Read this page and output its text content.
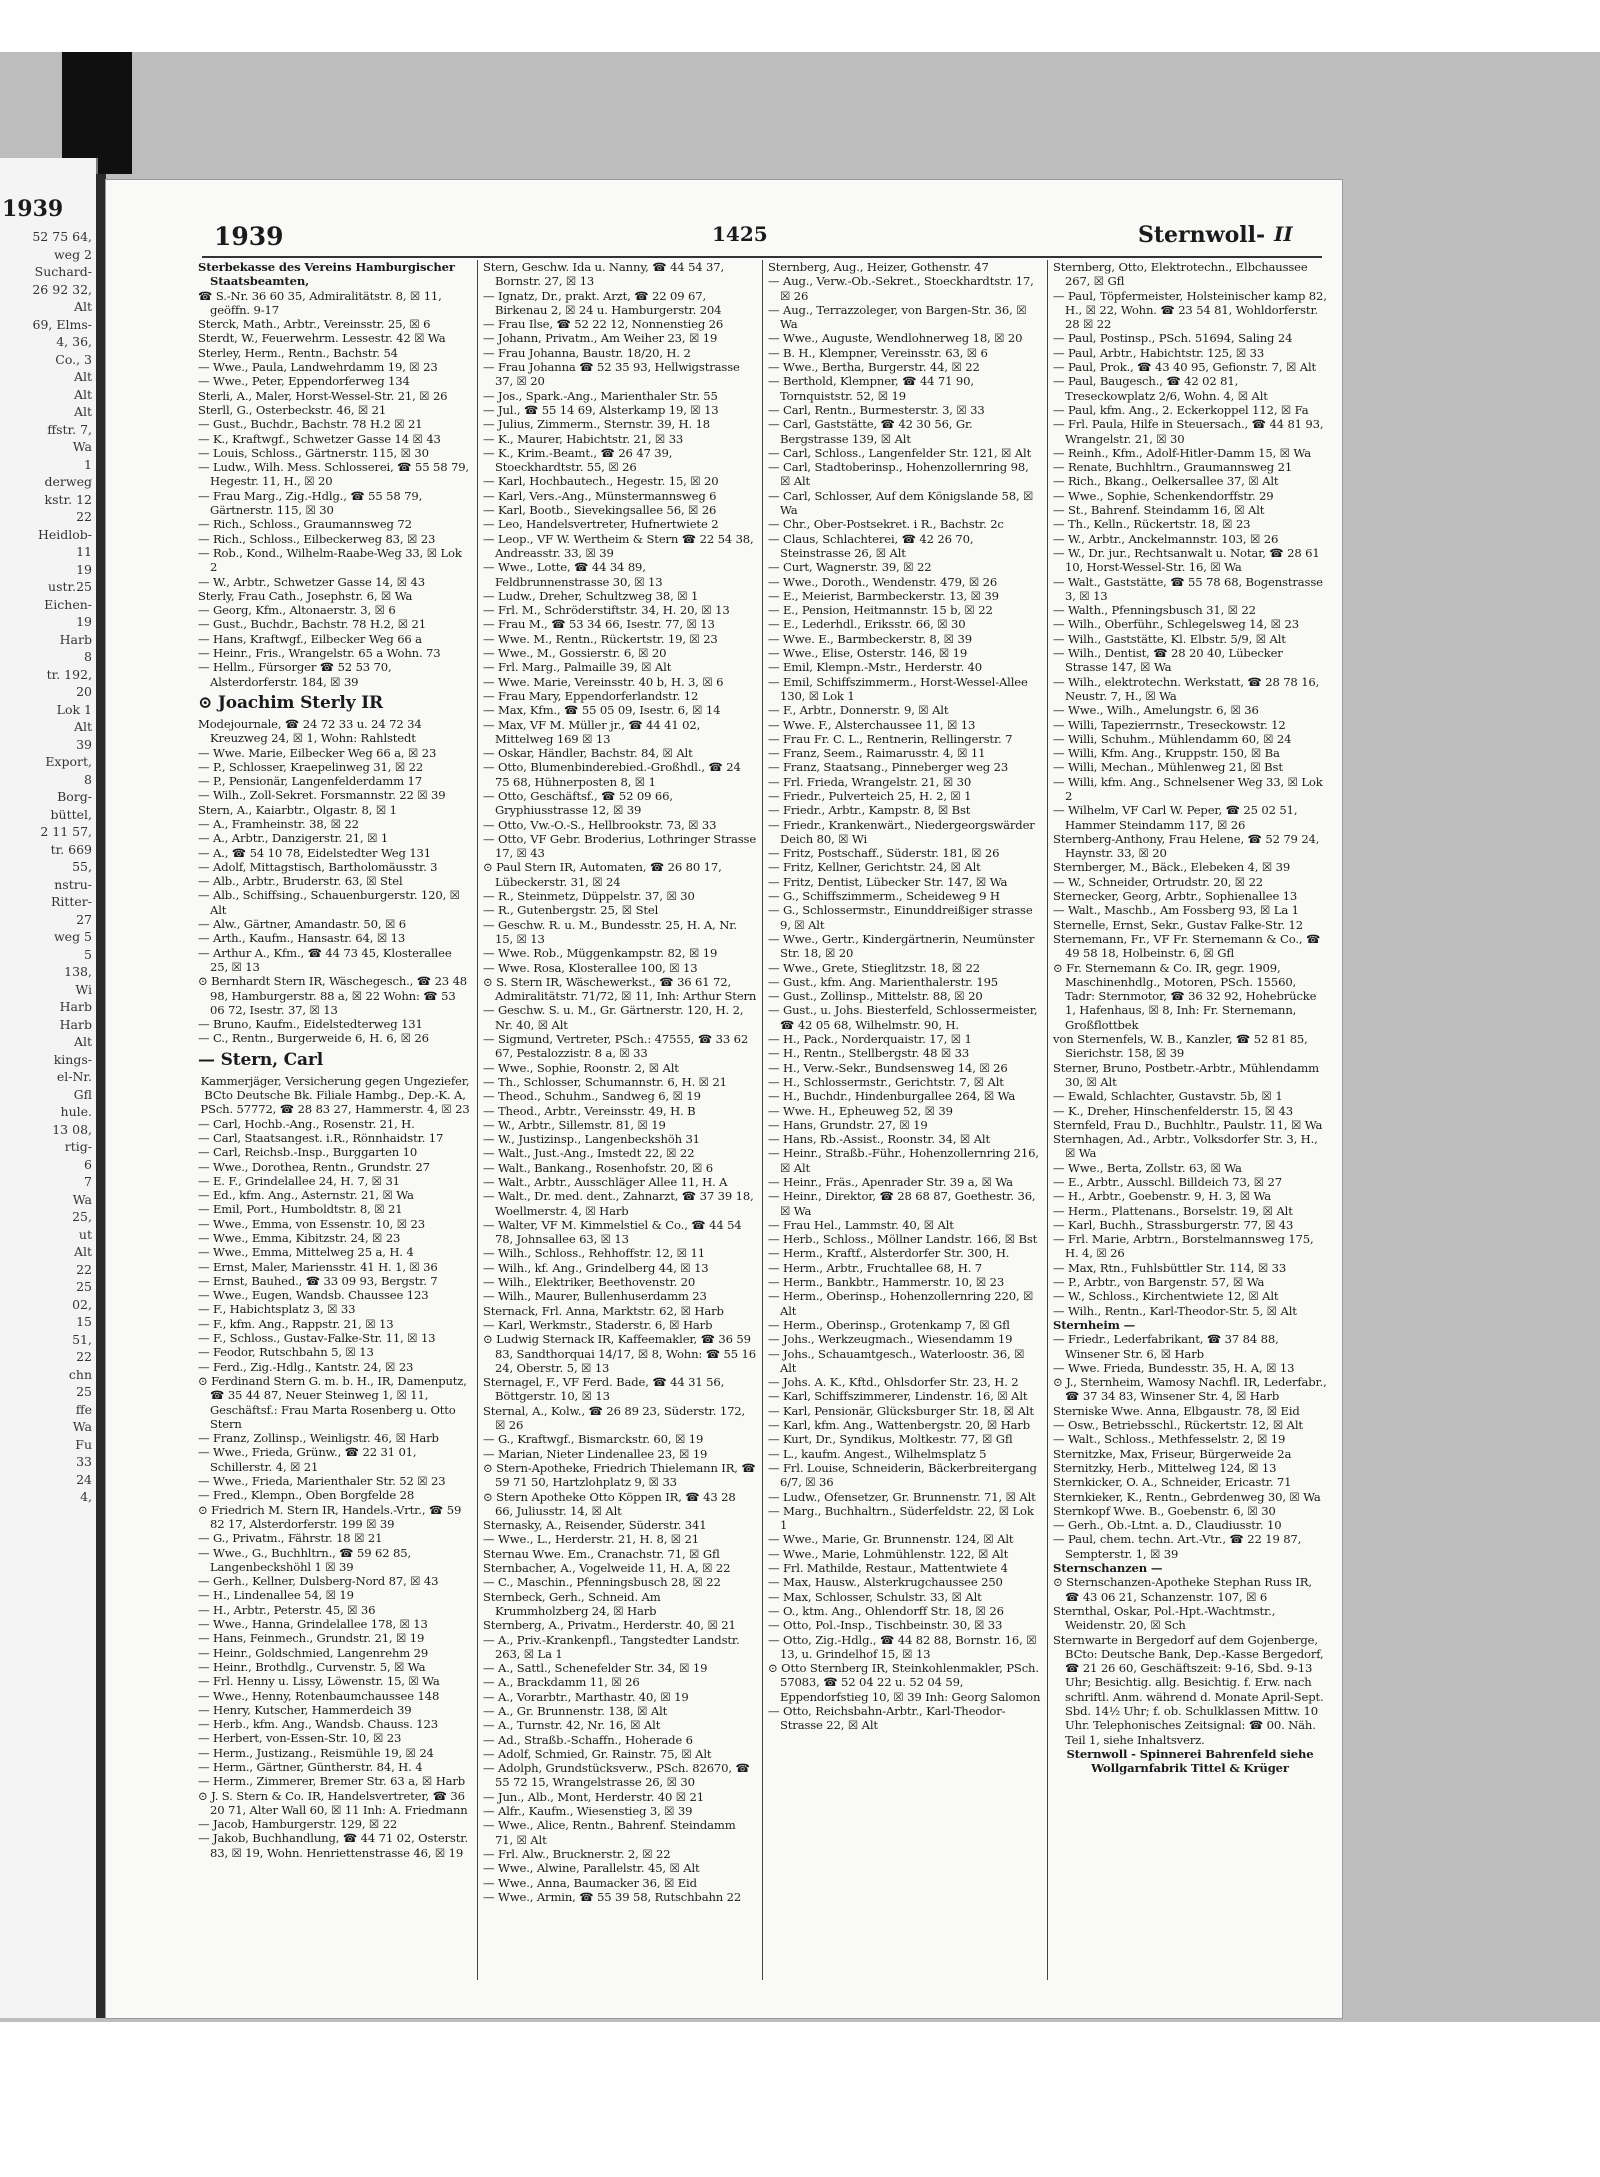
1939
52 75 64,
weg 2
Suchard-
26 92 32,
Alt
69, Elms-
4, 36,
Co., 3
Alt
Alt
Alt
ffstr. 7,
Wa
1
derweg
kstr. 12
22
Heidlob-
11
19
ustr.25
Eichen-
19
Harb
8
tr. 192,
20
Lok 1
Alt
39
Export,
8
Borg-
büttel,
2 11 57,
tr. 669
55,
nstru-
Ritter-
27
weg 5
5
138,
Wi
Harb
Harb
Alt
kings-
el-Nr.
Gfl
hule.
13 08,
rtig-
6
7
Wa
25,
ut
Alt
22
25
02,
15
51,
22
chn
25
ffe
Wa
Fu
33
24
4,
1939	1425	Sternwoll- II
Sterbekasse des Vereins Hamburgischer Staatsbeamten,
☎ S.-Nr. 36 60 35, Admiralitätstr. 8, ☒ 11, geöffn. 9-17
Sterck, Math., Arbtr., Vereinsstr. 25, ☒ 6
Sterdt, W., Feuerwehrm. Lessestr. 42 ☒ Wa
Sterley, Herm., Rentn., Bachstr. 54
— Wwe., Paula, Landwehrdamm 19, ☒ 23
— Wwe., Peter, Eppendorferweg 134
Sterli, A., Maler, Horst-Wessel-Str. 21, ☒ 26
Sterll, G., Osterbeckstr. 46, ☒ 21
— Gust., Buchdr., Bachstr. 78 H.2 ☒ 21
— K., Kraftwgf., Schwetzer Gasse 14 ☒ 43
— Louis, Schloss., Gärtnerstr. 115, ☒ 30
— Ludw., Wilh. Mess. Schlosserei, ☎ 55 58 79, Hegestr. 11, H., ☒ 20
— Frau Marg., Zig.-Hdlg., ☎ 55 58 79, Gärtnerstr. 115, ☒ 30
— Rich., Schloss., Graumannsweg 72
— Rich., Schloss., Eilbeckerweg 83, ☒ 23
— Rob., Kond., Wilhelm-Raabe-Weg 33, ☒ Lok 2
— W., Arbtr., Schwetzer Gasse 14, ☒ 43
Sterly, Frau Cath., Josephstr. 6, ☒ Wa
— Georg, Kfm., Altonaerstr. 3, ☒ 6
— Gust., Buchdr., Bachstr. 78 H.2, ☒ 21
— Hans, Kraftwgf., Eilbecker Weg 66 a
— Heinr., Fris., Wrangelstr. 65 a Wohn. 73
— Hellm., Fürsorger ☎ 52 53 70, Alsterdorferstr. 184, ☒ 39
⊙ Joachim Sterly ⅠR
Modejournale, ☎ 24 72 33 u. 24 72 34 Kreuzweg 24, ☒ 1, Wohn: Rahlstedt
— Wwe. Marie, Eilbecker Weg 66 a, ☒ 23
— P., Schlosser, Kraepelinweg 31, ☒ 22
— P., Pensionär, Langenfelderdamm 17
— Wilh., Zoll-Sekret. Forsmannstr. 22 ☒ 39
Stern, A., Kaiarbtr., Olgastr. 8, ☒ 1
— A., Framheinstr. 38, ☒ 22
— A., Arbtr., Danzigerstr. 21, ☒ 1
— A., ☎ 54 10 78, Eidelstedter Weg 131
— Adolf, Mittagstisch, Bartholomäusstr. 3
— Alb., Arbtr., Bruderstr. 63, ☒ Stel
— Alb., Schiffsing., Schauenburgerstr. 120, ☒ Alt
— Alw., Gärtner, Amandastr. 50, ☒ 6
— Arth., Kaufm., Hansastr. 64, ☒ 13
— Arthur A., Kfm., ☎ 44 73 45, Klosterallee 25, ☒ 13
⊙ Bernhardt Stern ⅠR, Wäschegesch., ☎ 23 48 98, Hamburgerstr. 88 a, ☒ 22 Wohn: ☎ 53 06 72, Isestr. 37, ☒ 13
— Bruno, Kaufm., Eidelstedterweg 131
— C., Rentn., Burgerweide 6, H. 6, ☒ 26
— Stern, Carl
Kammerjäger, Versicherung gegen Ungeziefer, BCto Deutsche Bk. Filiale Hambg., Dep.-K. A, PSch. 57772, ☎ 28 83 27, Hammerstr. 4, ☒ 23
— Carl, Hochb.-Ang., Rosenstr. 21, H.
— Carl, Staatsangest. i.R., Rönnhaidstr. 17
— Carl, Reichsb.-Insp., Burggarten 10
— Wwe., Dorothea, Rentn., Grundstr. 27
— E. F., Grindelallee 24, H. 7, ☒ 31
— Ed., kfm. Ang., Asternstr. 21, ☒ Wa
— Emil, Port., Humboldtstr. 8, ☒ 21
— Wwe., Emma, von Essenstr. 10, ☒ 23
— Wwe., Emma, Kibitzstr. 24, ☒ 23
— Wwe., Emma, Mittelweg 25 a, H. 4
— Ernst, Maler, Mariensstr. 41 H. 1, ☒ 36
— Ernst, Bauhed., ☎ 33 09 93, Bergstr. 7
— Wwe., Eugen, Wandsb. Chaussee 123
— F., Habichtsplatz 3, ☒ 33
— F., kfm. Ang., Rappstr. 21, ☒ 13
— F., Schloss., Gustav-Falke-Str. 11, ☒ 13
— Feodor, Rutschbahn 5, ☒ 13
— Ferd., Zig.-Hdlg., Kantstr. 24, ☒ 23
⊙ Ferdinand Stern G. m. b. H., ⅠR, Damenputz, ☎ 35 44 87, Neuer Steinweg 1, ☒ 11, Geschäftsf.: Frau Marta Rosenberg u. Otto Stern
— Franz, Zollinsp., Weinligstr. 46, ☒ Harb
— Wwe., Frieda, Grünw., ☎ 22 31 01, Schillerstr. 4, ☒ 21
— Wwe., Frieda, Marienthaler Str. 52 ☒ 23
— Fred., Klempn., Oben Borgfelde 28
⊙ Friedrich M. Stern ⅠR, Handels.-Vrtr., ☎ 59 82 17, Alsterdorferstr. 199 ☒ 39
— G., Privatm., Fährstr. 18 ☒ 21
— Wwe., G., Buchhltrn., ☎ 59 62 85, Langenbeckshöhl 1 ☒ 39
— Gerh., Kellner, Dulsberg-Nord 87, ☒ 43
— H., Lindenallee 54, ☒ 19
— H., Arbtr., Peterstr. 45, ☒ 36
— Wwe., Hanna, Grindelallee 178, ☒ 13
— Hans, Feinmech., Grundstr. 21, ☒ 19
— Heinr., Goldschmied, Langenrehm 29
— Heinr., Brothdlg., Curvenstr. 5, ☒ Wa
— Frl. Henny u. Lissy, Löwenstr. 15, ☒ Wa
— Wwe., Henny, Rotenbaumchaussee 148
— Henry, Kutscher, Hammerdeich 39
— Herb., kfm. Ang., Wandsb. Chauss. 123
— Herbert, von-Essen-Str. 10, ☒ 23
— Herm., Justizang., Reismühle 19, ☒ 24
— Herm., Gärtner, Güntherstr. 84, H. 4
— Herm., Zimmerer, Bremer Str. 63 a, ☒ Harb
⊙ J. S. Stern & Co. ⅠR, Handelsvertreter, ☎ 36 20 71, Alter Wall 60, ☒ 11 Inh: A. Friedmann
— Jacob, Hamburgerstr. 129, ☒ 22
— Jakob, Buchhandlung, ☎ 44 71 02, Osterstr. 83, ☒ 19, Wohn. Henriettenstrasse 46, ☒ 19
Stern, Geschw. Ida u. Nanny, ☎ 44 54 37, Bornstr. 27, ☒ 13
— Ignatz, Dr., prakt. Arzt, ☎ 22 09 67, Birkenau 2, ☒ 24 u. Hamburgerstr. 204
— Frau Ilse, ☎ 52 22 12, Nonnenstieg 26
— Johann, Privatm., Am Weiher 23, ☒ 19
— Frau Johanna, Baustr. 18/20, H. 2
— Frau Johanna ☎ 52 35 93, Hellwigstrasse 37, ☒ 20
— Jos., Spark.-Ang., Marienthaler Str. 55
— Jul., ☎ 55 14 69, Alsterkamp 19, ☒ 13
— Julius, Zimmerm., Sternstr. 39, H. 18
— K., Maurer, Habichtstr. 21, ☒ 33
— K., Krim.-Beamt., ☎ 26 47 39, Stoeckhardtstr. 55, ☒ 26
— Karl, Hochbautech., Hegestr. 15, ☒ 20
— Karl, Vers.-Ang., Münstermannsweg 6
— Karl, Bootb., Sievekingsallee 56, ☒ 26
— Leo, Handelsvertreter, Hufnertwiete 2
— Leop., ⅤF W. Wertheim & Stern ☎ 22 54 38, Andreasstr. 33, ☒ 39
— Wwe., Lotte, ☎ 44 34 89, Feldbrunnenstrasse 30, ☒ 13
— Ludw., Dreher, Schultzweg 38, ☒ 1
— Frl. M., Schröderstiftstr. 34, H. 20, ☒ 13
— Frau M., ☎ 53 34 66, Isestr. 77, ☒ 13
— Wwe. M., Rentn., Rückertstr. 19, ☒ 23
— Wwe., M., Gossierstr. 6, ☒ 20
— Frl. Marg., Palmaille 39, ☒ Alt
— Wwe. Marie, Vereinsstr. 40 b, H. 3, ☒ 6
— Frau Mary, Eppendorferlandstr. 12
— Max, Kfm., ☎ 55 05 09, Isestr. 6, ☒ 14
— Max, ⅤF M. Müller jr., ☎ 44 41 02, Mittelweg 169 ☒ 13
— Oskar, Händler, Bachstr. 84, ☒ Alt
— Otto, Blumenbinderebied.-Großhdl., ☎ 24 75 68, Hühnerposten 8, ☒ 1
— Otto, Geschäftsf., ☎ 52 09 66, Gryphiusstrasse 12, ☒ 39
— Otto, Vw.-O.-S., Hellbrookstr. 73, ☒ 33
— Otto, ⅤF Gebr. Broderius, Lothringer Strasse 17, ☒ 43
⊙ Paul Stern ⅠR, Automaten, ☎ 26 80 17, Lübeckerstr. 31, ☒ 24
— R., Steinmetz, Düppelstr. 37, ☒ 30
— R., Gutenbergstr. 25, ☒ Stel
— Geschw. R. u. M., Bundesstr. 25, H. A, Nr. 15, ☒ 13
— Wwe. Rob., Müggenkampstr. 82, ☒ 19
— Wwe. Rosa, Klosterallee 100, ☒ 13
⊙ S. Stern ⅠR, Wäschewerkst., ☎ 36 61 72, Admiralitätstr. 71/72, ☒ 11, Inh: Arthur Stern
— Geschw. S. u. M., Gr. Gärtnerstr. 120, H. 2, Nr. 40, ☒ Alt
— Sigmund, Vertreter, PSch.: 47555, ☎ 33 62 67, Pestalozzistr. 8 a, ☒ 33
— Wwe., Sophie, Roonstr. 2, ☒ Alt
— Th., Schlosser, Schumannstr. 6, H. ☒ 21
— Theod., Schuhm., Sandweg 6, ☒ 19
— Theod., Arbtr., Vereinsstr. 49, H. B
— W., Arbtr., Sillemstr. 81, ☒ 19
— W., Justizinsp., Langenbeckshöh 31
— Walt., Just.-Ang., Imstedt 22, ☒ 22
— Walt., Bankang., Rosenhofstr. 20, ☒ 6
— Walt., Arbtr., Ausschläger Allee 11, H. A
— Walt., Dr. med. dent., Zahnarzt, ☎ 37 39 18, Woellmerstr. 4, ☒ Harb
— Walter, ⅤF M. Kimmelstiel & Co., ☎ 44 54 78, Johnsallee 63, ☒ 13
— Wilh., Schloss., Rehhoffstr. 12, ☒ 11
— Wilh., kf. Ang., Grindelberg 44, ☒ 13
— Wilh., Elektriker, Beethovenstr. 20
— Wilh., Maurer, Bullenhuserdamm 23
Sternack, Frl. Anna, Marktstr. 62, ☒ Harb
— Karl, Werkmstr., Staderstr. 6, ☒ Harb
⊙ Ludwig Sternack ⅠR, Kaffeemakler, ☎ 36 59 83, Sandthorquai 14/17, ☒ 8, Wohn: ☎ 55 16 24, Oberstr. 5, ☒ 13
Sternagel, F., ⅤF Ferd. Bade, ☎ 44 31 56, Böttgerstr. 10, ☒ 13
Sternal, A., Kolw., ☎ 26 89 23, Süderstr. 172, ☒ 26
— G., Kraftwgf., Bismarckstr. 60, ☒ 19
— Marian, Nieter Lindenallee 23, ☒ 19
⊙ Stern-Apotheke, Friedrich Thielemann ⅠR, ☎ 59 71 50, Hartzlohplatz 9, ☒ 33
⊙ Stern Apotheke Otto Köppen ⅠR, ☎ 43 28 66, Juliusstr. 14, ☒ Alt
Sternasky, A., Reisender, Süderstr. 341
— Wwe., L., Herderstr. 21, H. 8, ☒ 21
Sternau Wwe. Em., Cranachstr. 71, ☒ Gfl
Sternbacher, A., Vogelweide 11, H. A, ☒ 22
— C., Maschin., Pfenningsbusch 28, ☒ 22
Sternbeck, Gerh., Schneid. Am Krummholzberg 24, ☒ Harb
Sternberg, A., Privatm., Herderstr. 40, ☒ 21
— A., Priv.-Krankenpfl., Tangstedter Landstr. 263, ☒ La 1
— A., Sattl., Schenefelder Str. 34, ☒ 19
— A., Brackdamm 11, ☒ 26
— A., Vorarbtr., Marthastr. 40, ☒ 19
— A., Gr. Brunnenstr. 138, ☒ Alt
— A., Turnstr. 42, Nr. 16, ☒ Alt
— Ad., Straßb.-Schaffn., Hoherade 6
— Adolf, Schmied, Gr. Rainstr. 75, ☒ Alt
— Adolph, Grundstücksverw., PSch. 82670, ☎ 55 72 15, Wrangelstrasse 26, ☒ 30
— Jun., Alb., Mont, Herderstr. 40 ☒ 21
— Alfr., Kaufm., Wiesenstieg 3, ☒ 39
— Wwe., Alice, Rentn., Bahrenf. Steindamm 71, ☒ Alt
— Frl. Alw., Brucknerstr. 2, ☒ 22
— Wwe., Alwine, Parallelstr. 45, ☒ Alt
— Wwe., Anna, Baumacker 36, ☒ Eid
— Wwe., Armin, ☎ 55 39 58, Rutschbahn 22
Sternberg, Aug., Heizer, Gothenstr. 47
— Aug., Verw.-Ob.-Sekret., Stoeckhardtstr. 17, ☒ 26
— Aug., Terrazzoleger, von Bargen-Str. 36, ☒ Wa
— Wwe., Auguste, Wendlohnerweg 18, ☒ 20
— B. H., Klempner, Vereinsstr. 63, ☒ 6
— Wwe., Bertha, Burgerstr. 44, ☒ 22
— Berthold, Klempner, ☎ 44 71 90, Tornquiststr. 52, ☒ 19
— Carl, Rentn., Burmesterstr. 3, ☒ 33
— Carl, Gaststätte, ☎ 42 30 56, Gr. Bergstrasse 139, ☒ Alt
— Carl, Schloss., Langenfelder Str. 121, ☒ Alt
— Carl, Stadtoberinsp., Hohenzollernring 98, ☒ Alt
— Carl, Schlosser, Auf dem Königslande 58, ☒ Wa
— Chr., Ober-Postsekret. i R., Bachstr. 2c
— Claus, Schlachterei, ☎ 42 26 70, Steinstrasse 26, ☒ Alt
— Curt, Wagnerstr. 39, ☒ 22
— Wwe., Doroth., Wendenstr. 479, ☒ 26
— E., Meierist, Barmbeckerstr. 13, ☒ 39
— E., Pension, Heitmannstr. 15 b, ☒ 22
— E., Lederhdl., Eriksstr. 66, ☒ 30
— Wwe. E., Barmbeckerstr. 8, ☒ 39
— Wwe., Elise, Osterstr. 146, ☒ 19
— Emil, Klempn.-Mstr., Herderstr. 40
— Emil, Schiffszimmerm., Horst-Wessel-Allee 130, ☒ Lok 1
— F., Arbtr., Donnerstr. 9, ☒ Alt
— Wwe. F., Alsterchaussee 11, ☒ 13
— Frau Fr. C. L., Rentnerin, Rellingerstr. 7
— Franz, Seem., Raimarusstr. 4, ☒ 11
— Franz, Staatsang., Pinneberger weg 23
— Frl. Frieda, Wrangelstr. 21, ☒ 30
— Friedr., Pulverteich 25, H. 2, ☒ 1
— Friedr., Arbtr., Kampstr. 8, ☒ Bst
— Friedr., Krankenwärt., Niedergeorgswärder Deich 80, ☒ Wi
— Fritz, Postschaff., Süderstr. 181, ☒ 26
— Fritz, Kellner, Gerichtstr. 24, ☒ Alt
— Fritz, Dentist, Lübecker Str. 147, ☒ Wa
— G., Schiffszimmerm., Scheideweg 9 H
— G., Schlossermstr., Einunddreißiger strasse 9, ☒ Alt
— Wwe., Gertr., Kindergärtnerin, Neumünster Str. 18, ☒ 20
— Wwe., Grete, Stieglitzstr. 18, ☒ 22
— Gust., kfm. Ang. Marienthalerstr. 195
— Gust., Zollinsp., Mittelstr. 88, ☒ 20
— Gust., u. Johs. Biesterfeld, Schlossermeister, ☎ 42 05 68, Wilhelmstr. 90, H.
— H., Pack., Norderquaistr. 17, ☒ 1
— H., Rentn., Stellbergstr. 48 ☒ 33
— H., Verw.-Sekr., Bundsensweg 14, ☒ 26
— H., Schlossermstr., Gerichtstr. 7, ☒ Alt
— H., Buchdr., Hindenburgallee 264, ☒ Wa
— Wwe. H., Epheuweg 52, ☒ 39
— Hans, Grundstr. 27, ☒ 19
— Hans, Rb.-Assist., Roonstr. 34, ☒ Alt
— Heinr., Straßb.-Führ., Hohenzollernring 216, ☒ Alt
— Heinr., Fräs., Apenrader Str. 39 a, ☒ Wa
— Heinr., Direktor, ☎ 28 68 87, Goethestr. 36, ☒ Wa
— Frau Hel., Lammstr. 40, ☒ Alt
— Herb., Schloss., Möllner Landstr. 166, ☒ Bst
— Herm., Kraftf., Alsterdorfer Str. 300, H.
— Herm., Arbtr., Fruchtallee 68, H. 7
— Herm., Bankbtr., Hammerstr. 10, ☒ 23
— Herm., Oberinsp., Hohenzollernring 220, ☒ Alt
— Herm., Oberinsp., Grotenkamp 7, ☒ Gfl
— Johs., Werkzeugmach., Wiesendamm 19
— Johs., Schauamtgesch., Waterloostr. 36, ☒ Alt
— Johs. A. K., Kftd., Ohlsdorfer Str. 23, H. 2
— Karl, Schiffszimmerer, Lindenstr. 16, ☒ Alt
— Karl, Pensionär, Glücksburger Str. 18, ☒ Alt
— Karl, kfm. Ang., Wattenbergstr. 20, ☒ Harb
— Kurt, Dr., Syndikus, Moltkestr. 77, ☒ Gfl
— L., kaufm. Angest., Wilhelmsplatz 5
— Frl. Louise, Schneiderin, Bäckerbreitergang 6/7, ☒ 36
— Ludw., Ofensetzer, Gr. Brunnenstr. 71, ☒ Alt
— Marg., Buchhaltrn., Süderfeldstr. 22, ☒ Lok 1
— Wwe., Marie, Gr. Brunnenstr. 124, ☒ Alt
— Wwe., Marie, Lohmühlenstr. 122, ☒ Alt
— Frl. Mathilde, Restaur., Mattentwiete 4
— Max, Hausw., Alsterkrugchaussee 250
— Max, Schlosser, Schulstr. 33, ☒ Alt
— O., ktm. Ang., Ohlendorff Str. 18, ☒ 26
— Otto, Pol.-Insp., Tischbeinstr. 30, ☒ 33
— Otto, Zig.-Hdlg., ☎ 44 82 88, Bornstr. 16, ☒ 13, u. Grindelhof 15, ☒ 13
⊙ Otto Sternberg ⅠR, Steinkohlenmakler, PSch. 57083, ☎ 52 04 22 u. 52 04 59, Eppendorfstieg 10, ☒ 39 Inh: Georg Salomon
— Otto, Reichsbahn-Arbtr., Karl-Theodor-Strasse 22, ☒ Alt
Sternberg, Otto, Elektrotechn., Elbchaussee 267, ☒ Gfl
— Paul, Töpfermeister, Holsteinischer kamp 82, H., ☒ 22, Wohn. ☎ 23 54 81, Wohldorferstr. 28 ☒ 22
— Paul, Postinsp., PSch. 51694, Saling 24
— Paul, Arbtr., Habichtstr. 125, ☒ 33
— Paul, Prok., ☎ 43 40 95, Gefionstr. 7, ☒ Alt
— Paul, Baugesch., ☎ 42 02 81, Treseckowplatz 2/6, Wohn. 4, ☒ Alt
— Paul, kfm. Ang., 2. Eckerkoppel 112, ☒ Fa
— Frl. Paula, Hilfe in Steuersach., ☎ 44 81 93, Wrangelstr. 21, ☒ 30
— Reinh., Kfm., Adolf-Hitler-Damm 15, ☒ Wa
— Renate, Buchhltrn., Graumannsweg 21
— Rich., Bkang., Oelkersallee 37, ☒ Alt
— Wwe., Sophie, Schenkendorffstr. 29
— St., Bahrenf. Steindamm 16, ☒ Alt
— Th., Kelln., Rückertstr. 18, ☒ 23
— W., Arbtr., Anckelmannstr. 103, ☒ 26
— W., Dr. jur., Rechtsanwalt u. Notar, ☎ 28 61 10, Horst-Wessel-Str. 16, ☒ Wa
— Walt., Gaststätte, ☎ 55 78 68, Bogenstrasse 3, ☒ 13
— Walth., Pfenningsbusch 31, ☒ 22
— Wilh., Oberführ., Schlegelsweg 14, ☒ 23
— Wilh., Gaststätte, Kl. Elbstr. 5/9, ☒ Alt
— Wilh., Dentist, ☎ 28 20 40, Lübecker Strasse 147, ☒ Wa
— Wilh., elektrotechn. Werkstatt, ☎ 28 78 16, Neustr. 7, H., ☒ Wa
— Wwe., Wilh., Amelungstr. 6, ☒ 36
— Willi, Tapezierrnstr., Treseckowstr. 12
— Willi, Schuhm., Mühlendamm 60, ☒ 24
— Willi, Kfm. Ang., Kruppstr. 150, ☒ Ba
— Willi, Mechan., Mühlenweg 21, ☒ Bst
— Willi, kfm. Ang., Schnelsener Weg 33, ☒ Lok 2
— Wilhelm, ⅤF Carl W. Peper, ☎ 25 02 51, Hammer Steindamm 117, ☒ 26
Sternberg-Anthony, Frau Helene, ☎ 52 79 24, Haynstr. 33, ☒ 20
Sternberger, M., Bäck., Elebeken 4, ☒ 39
— W., Schneider, Ortrudstr. 20, ☒ 22
Sternecker, Georg, Arbtr., Sophienallee 13
— Walt., Maschb., Am Fossberg 93, ☒ La 1
Sternelle, Ernst, Sekr., Gustav Falke-Str. 12
Sternemann, Fr., ⅤF Fr. Sternemann & Co., ☎ 49 58 18, Holbeinstr. 6, ☒ Gfl
⊙ Fr. Sternemann & Co. ⅠR, gegr. 1909, Maschinenhdlg., Motoren, PSch. 15560, Tadr: Sternmotor, ☎ 36 32 92, Hohebrücke 1, Hafenhaus, ☒ 8, Inh: Fr. Sternemann, Großflottbek
von Sternenfels, W. B., Kanzler, ☎ 52 81 85, Sierichstr. 158, ☒ 39
Sterner, Bruno, Postbetr.-Arbtr., Mühlendamm 30, ☒ Alt
— Ewald, Schlachter, Gustavstr. 5b, ☒ 1
— K., Dreher, Hinschenfelderstr. 15, ☒ 43
Sternfeld, Frau D., Buchhltr., Paulstr. 11, ☒ Wa
Sternhagen, Ad., Arbtr., Volksdorfer Str. 3, H., ☒ Wa
— Wwe., Berta, Zollstr. 63, ☒ Wa
— E., Arbtr., Ausschl. Billdeich 73, ☒ 27
— H., Arbtr., Goebenstr. 9, H. 3, ☒ Wa
— Herm., Plattenans., Borselstr. 19, ☒ Alt
— Karl, Buchh., Strassburgerstr. 77, ☒ 43
— Frl. Marie, Arbtrn., Borstelmannsweg 175, H. 4, ☒ 26
— Max, Rtn., Fuhlsbüttler Str. 114, ☒ 33
— P., Arbtr., von Bargenstr. 57, ☒ Wa
— W., Schloss., Kirchentwiete 12, ☒ Alt
— Wilh., Rentn., Karl-Theodor-Str. 5, ☒ Alt
Sternheim —
— Friedr., Lederfabrikant, ☎ 37 84 88, Winsener Str. 6, ☒ Harb
— Wwe. Frieda, Bundesstr. 35, H. A, ☒ 13
⊙ J., Sternheim, Wamosy Nachfl. ⅠR, Lederfabr., ☎ 37 34 83, Winsener Str. 4, ☒ Harb
Sterniske Wwe. Anna, Elbgaustr. 78, ☒ Eid
— Osw., Betriebsschl., Rückertstr. 12, ☒ Alt
— Walt., Schloss., Methfesselstr. 2, ☒ 19
Sternitzke, Max, Friseur, Bürgerweide 2a
Sternitzky, Herb., Mittelweg 124, ☒ 13
Sternkicker, O. A., Schneider, Ericastr. 71
Sternkieker, K., Rentn., Gebrdenweg 30, ☒ Wa
Sternkopf Wwe. B., Goebenstr. 6, ☒ 30
— Gerh., Ob.-Ltnt. a. D., Claudiusstr. 10
— Paul, chem. techn. Art.-Vtr., ☎ 22 19 87, Sempterstr. 1, ☒ 39
Sternschanzen —
⊙ Sternschanzen-Apotheke Stephan Russ ⅠR, ☎ 43 06 21, Schanzenstr. 107, ☒ 6
Sternthal, Oskar, Pol.-Hpt.-Wachtmstr., Weidenstr. 20, ☒ Sch
Sternwarte in Bergedorf auf dem Gojenberge, BCto: Deutsche Bank, Dep.-Kasse Bergedorf, ☎ 21 26 60, Geschäftszeit: 9-16, Sbd. 9-13 Uhr; Besichtig. allg. Besichtig. f. Erw. nach schriftl. Anm. während d. Monate April-Sept. Sbd. 14½ Uhr; f. ob. Schulklassen Mittw. 10 Uhr. Telephonisches Zeitsignal: ☎ 00. Näh. Teil 1, siehe Inhaltsverz.
Sternwoll - Spinnerei Bahrenfeld siehe Wollgarnfabrik Tittel & Krüger
